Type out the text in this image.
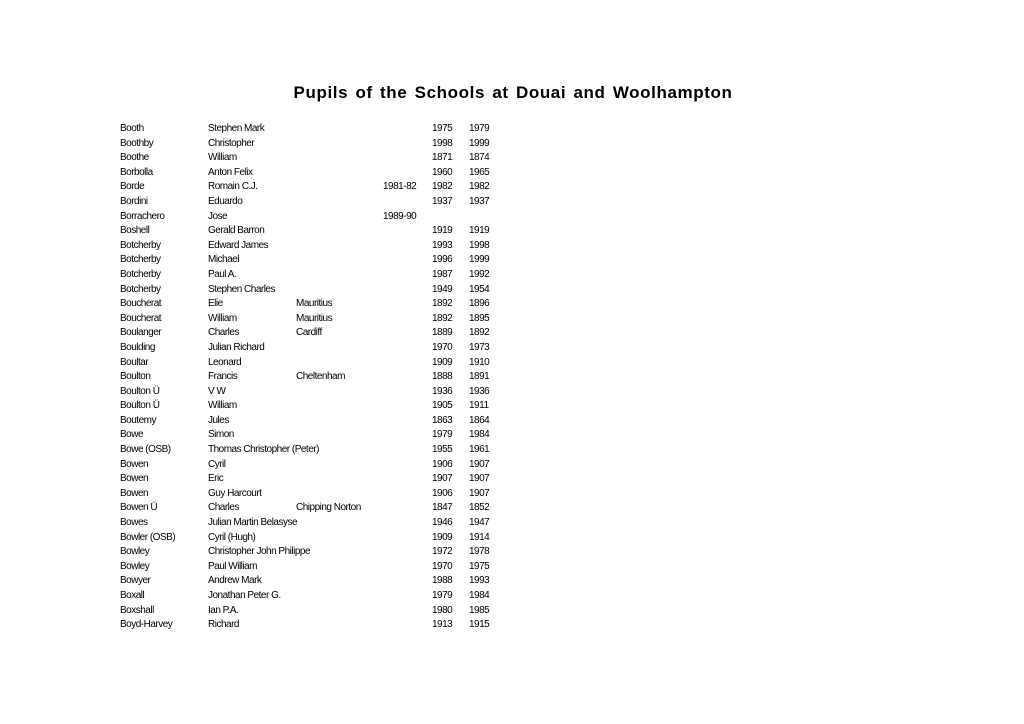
Pupils of the Schools at Douai and Woolhampton
Booth	Stephen Mark	1975 1979
Boothby	Christopher	1998 1999
Boothe	William	1871 1874
Borbolla	Anton Felix	1960 1965
Borde	Romain C.J.	1981-82 1982 1982
Bordini	Eduardo	1937 1937
Borrachero	Jose	1989-90
Boshell	Gerald Barron	1919 1919
Botcherby	Edward James	1993 1998
Botcherby	Michael	1996 1999
Botcherby	Paul A.	1987 1992
Botcherby	Stephen Charles	1949 1954
Boucherat	Elie	Mauritius	1892 1896
Boucherat	William	Mauritius	1892 1895
Boulanger	Charles	Cardiff	1889 1892
Boulding	Julian Richard	1970 1973
Boultar	Leonard	1909 1910
Boulton	Francis	Cheltenham	1888 1891
Boulton Ü	V W	1936 1936
Boulton Ü	William	1905 1911
Boutemy	Jules	1863 1864
Bowe	Simon	1979 1984
Bowe (OSB)	Thomas Christopher (Peter)	1955 1961
Bowen	Cyril	1906 1907
Bowen	Eric	1907 1907
Bowen	Guy Harcourt	1906 1907
Bowen Ü	Charles	Chipping Norton	1847 1852
Bowes	Julian Martin Belasyse	1946 1947
Bowler (OSB)	Cyril (Hugh)	1909 1914
Bowley	Christopher John Philippe	1972 1978
Bowley	Paul William	1970 1975
Bowyer	Andrew Mark	1988 1993
Boxall	Jonathan Peter G.	1979 1984
Boxshall	Ian P.A.	1980 1985
Boyd-Harvey	Richard	1913 1915
